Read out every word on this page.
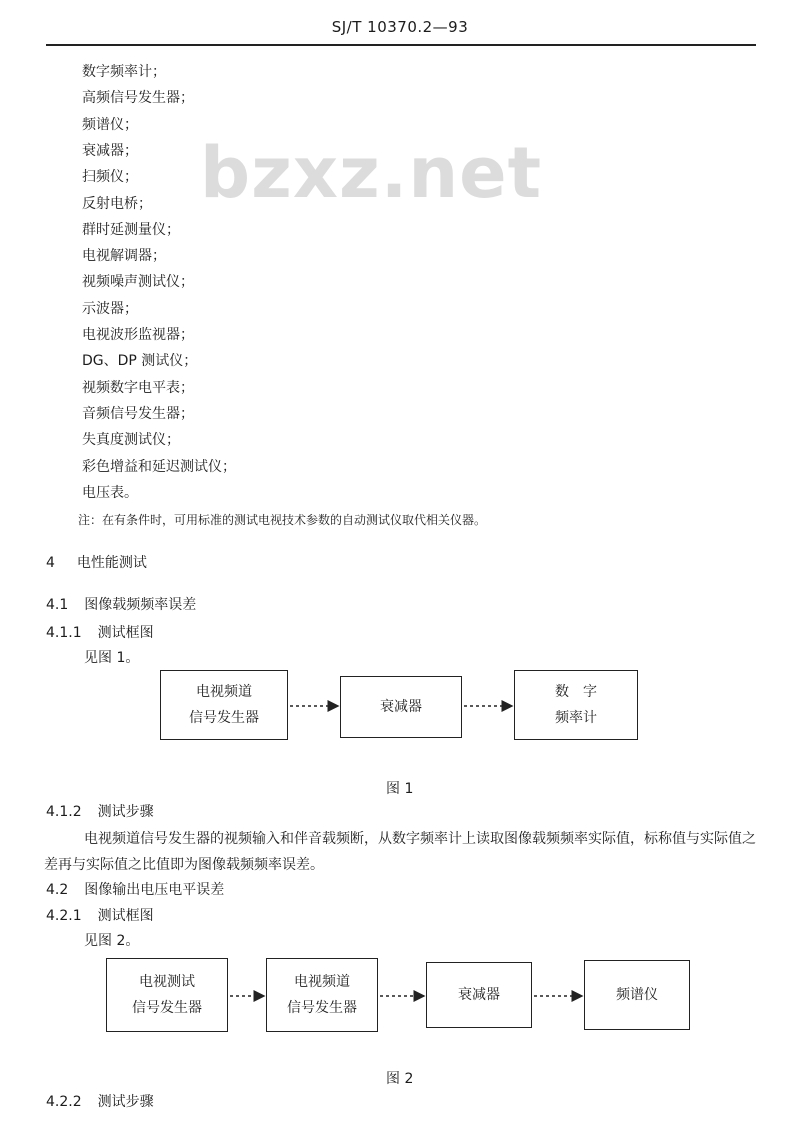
SJ/T 10370.2—93
bzxz.net
数字频率计；
高频信号发生器；
频谱仪；
衰减器；
扫频仪；
反射电桥；
群时延测量仪；
电视解调器；
视频噪声测试仪；
示波器；
电视波形监视器；
DG、DP 测试仪；
视频数字电平表；
音频信号发生器；
失真度测试仪；
彩色增益和延迟测试仪；
电压表。
注：在有条件时，可用标准的测试电视技术参数的自动测试仪取代相关仪器。
4 电性能测试
4.1 图像载频频率误差
4.1.1 测试框图
见图 1。
电视频道
信号发生器
衰减器
数　字
频率计
图 1
4.1.2 测试步骤
电视频道信号发生器的视频输入和伴音载频断，从数字频率计上读取图像载频频率实际值，标称值与实际值之差再与实际值之比值即为图像载频频率误差。
4.2 图像输出电压电平误差
4.2.1 测试框图
见图 2。
电视测试
信号发生器
电视频道
信号发生器
衰减器	频谱仪
图 2
4.2.2 测试步骤
